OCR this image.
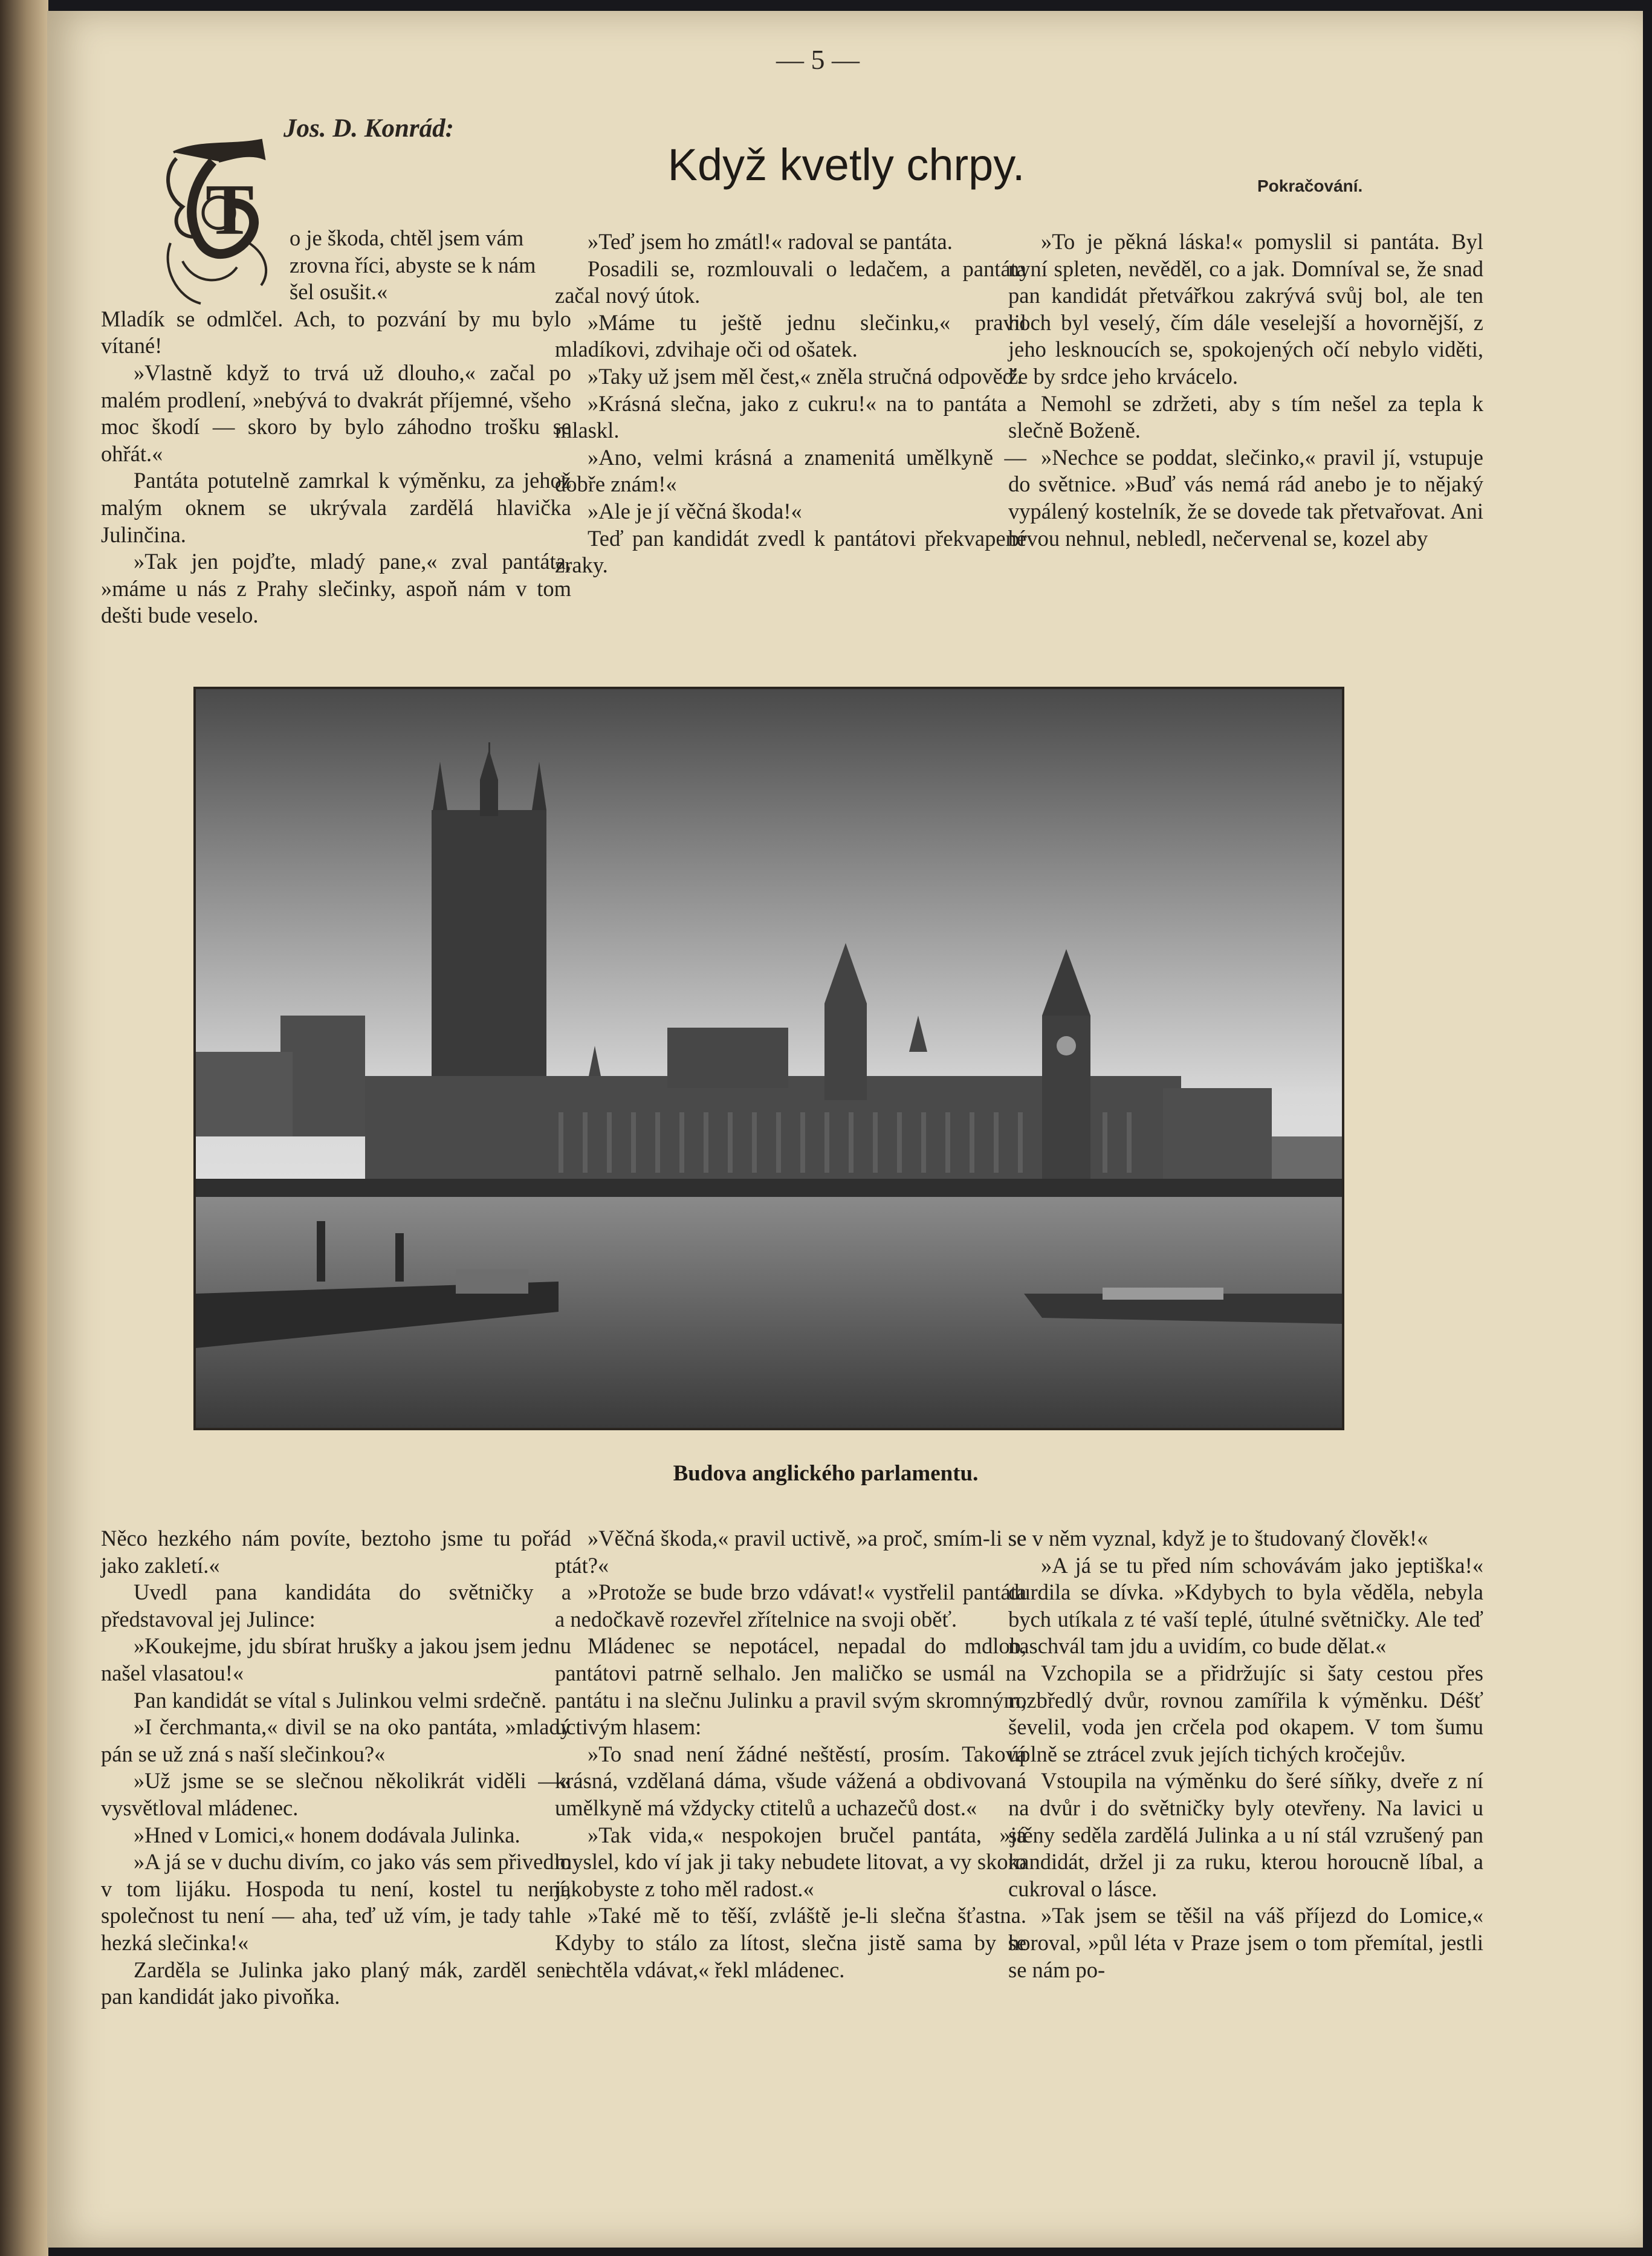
— 5 —
Jos. D. Konrád:
Když kvetly chrpy.	Pokračování.
T	o je škoda, chtěl jsem vám

zrovna říci, abyste se k nám

šel osušit.«

Mladík se odmlčel. Ach, to pozvání by mu bylo vítané!

»Vlastně když to trvá už dlouho,« začal po malém prodlení, »nebývá to dvakrát příjemné, všeho moc škodí — skoro by bylo záhodno trošku se ohřát.«

Pantáta potutelně zamrkal k výměnku, za jehož malým oknem se ukrývala zardělá hlavička Julinčina.

»Tak jen pojďte, mladý pane,« zval pantáta, »máme u nás z Prahy slečinky, aspoň nám v tom dešti bude veselo.

»Teď jsem ho zmátl!« radoval se pantáta.

Posadili se, rozmlouvali o ledačem, a pantáta začal nový útok.

»Máme tu ještě jednu slečinku,« pravil mladíkovi, zdvihaje oči od ošatek.

»Taky už jsem měl čest,« zněla stručná odpověď.

»Krásná slečna, jako z cukru!« na to pantáta a mlaskl.

»Ano, velmi krásná a znamenitá umělkyně — dobře znám!«

»Ale je jí věčná škoda!«

Teď pan kandidát zvedl k pantátovi překvapené zraky.

»To je pěkná láska!« pomyslil si pantáta. Byl nyní spleten, nevěděl, co a jak. Domníval se, že snad pan kandidát přetvářkou zakrývá svůj bol, ale ten hoch byl veselý, čím dále veselejší a hovornější, z jeho lesknoucích se, spokojených očí nebylo viděti, že by srdce jeho krvácelo.

Nemohl se zdržeti, aby s tím nešel za tepla k slečně Boženě.

»Nechce se poddat, slečinko,« pravil jí, vstupuje do světnice. »Buď vás nemá rád anebo je to nějaký vypálený kostelník, že se dovede tak přetvařovat. Ani brvou nehnul, nebledl, nečervenal se, kozel aby

Budova anglického parlamentu.

Něco hezkého nám povíte, beztoho jsme tu pořád jako zakletí.«

Uvedl pana kandidáta do světničky a představoval jej Julince:

»Koukejme, jdu sbírat hrušky a jakou jsem jednu našel vlasatou!«

Pan kandidát se vítal s Julinkou velmi srdečně.

»I čerchmanta,« divil se na oko pantáta, »mladý pán se už zná s naší slečinkou?«

»Už jsme se se slečnou několikrát viděli —« vysvětloval mládenec.

»Hned v Lomici,« honem dodávala Julinka.

»A já se v duchu divím, co jako vás sem přivedlo v tom lijáku. Hospoda tu není, kostel tu není, společnost tu není — aha, teď už vím, je tady tahle hezká slečinka!«

Zarděla se Julinka jako planý mák, zarděl se i pan kandidát jako pivoňka.

»Věčná škoda,« pravil uctivě, »a proč, smím-li se ptát?«

»Protože se bude brzo vdávat!« vystřelil pantáta a nedočkavě rozevřel zřítelnice na svoji oběť.

Mládenec se nepotácel, nepadal do mdlob, pantátovi patrně selhalo. Jen maličko se usmál na pantátu i na slečnu Julinku a pravil svým skromným, uctivým hlasem:

»To snad není žádné neštěstí, prosím. Taková krásná, vzdělaná dáma, všude vážená a obdivovaná umělkyně má vždycky ctitelů a uchazečů dost.«

»Tak vida,« nespokojen bručel pantáta, »já myslel, kdo ví jak ji taky nebudete litovat, a vy skoro jakobyste z toho měl radost.«

»Také mě to těší, zvláště je-li slečna šťastna. Kdyby to stálo za lítost, slečna jistě sama by se nechtěla vdávat,« řekl mládenec.

se v něm vyznal, když je to študovaný člověk!«

»A já se tu před ním schovávám jako jeptiška!« durdila se dívka. »Kdybych to byla věděla, nebyla bych utíkala z té vaší teplé, útulné světničky. Ale teď naschvál tam jdu a uvidím, co bude dělat.«

Vzchopila se a přidržujíc si šaty cestou přes rozbředlý dvůr, rovnou zamířila k výměnku. Déšť ševelil, voda jen crčela pod okapem. V tom šumu úplně se ztrácel zvuk jejích tichých kročejův.

Vstoupila na výměnku do šeré síňky, dveře z ní na dvůr i do světničky byly otevřeny. Na lavici u stěny seděla zardělá Julinka a u ní stál vzrušený pan kandidát, držel ji za ruku, kterou horoucně líbal, a cukroval o lásce.

»Tak jsem se těšil na váš příjezd do Lomice,« horoval, »půl léta v Praze jsem o tom přemítal, jestli se nám po-
